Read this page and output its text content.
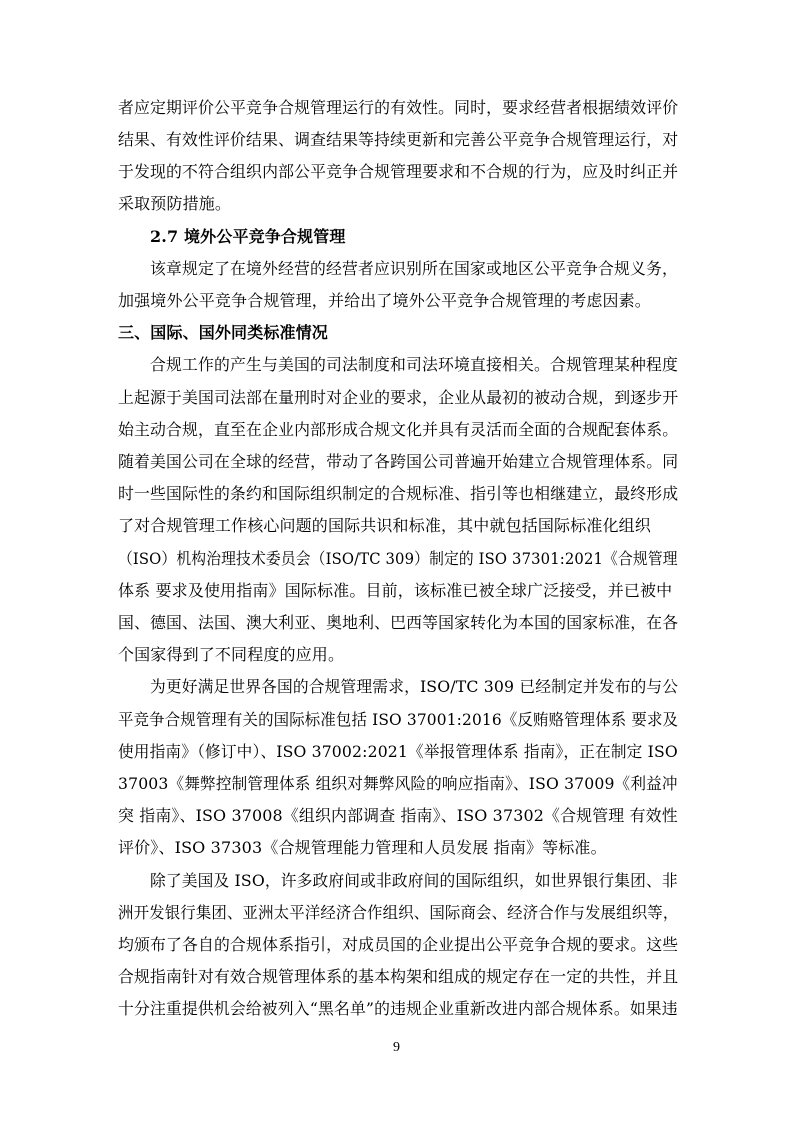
者应定期评价公平竞争合规管理运行的有效性。同时，要求经营者根据绩效评价
结果、有效性评价结果、调查结果等持续更新和完善公平竞争合规管理运行，对
于发现的不符合组织内部公平竞争合规管理要求和不合规的行为，应及时纠正并
采取预防措施。
2.7 境外公平竞争合规管理
该章规定了在境外经营的经营者应识别所在国家或地区公平竞争合规义务，
加强境外公平竞争合规管理，并给出了境外公平竞争合规管理的考虑因素。
三、国际、国外同类标准情况
合规工作的产生与美国的司法制度和司法环境直接相关。合规管理某种程度
上起源于美国司法部在量刑时对企业的要求，企业从最初的被动合规，到逐步开
始主动合规，直至在企业内部形成合规文化并具有灵活而全面的合规配套体系。
随着美国公司在全球的经营，带动了各跨国公司普遍开始建立合规管理体系。同
时一些国际性的条约和国际组织制定的合规标准、指引等也相继建立，最终形成
了对合规管理工作核心问题的国际共识和标准，其中就包括国际标准化组织
（ISO）机构治理技术委员会（ISO/TC 309）制定的 ISO 37301:2021《合规管理
体系 要求及使用指南》国际标准。目前，该标准已被全球广泛接受，并已被中
国、德国、法国、澳大利亚、奥地利、巴西等国家转化为本国的国家标准，在各
个国家得到了不同程度的应用。
为更好满足世界各国的合规管理需求，ISO/TC 309 已经制定并发布的与公
平竞争合规管理有关的国际标准包括 ISO 37001:2016《反贿赂管理体系 要求及
使用指南》（修订中）、ISO 37002:2021《举报管理体系 指南》，正在制定 ISO
37003《舞弊控制管理体系 组织对舞弊风险的响应指南》、ISO 37009《利益冲
突 指南》、ISO 37008《组织内部调查 指南》、ISO 37302《合规管理 有效性
评价》、ISO 37303《合规管理能力管理和人员发展 指南》等标准。
除了美国及 ISO，许多政府间或非政府间的国际组织，如世界银行集团、非
洲开发银行集团、亚洲太平洋经济合作组织、国际商会、经济合作与发展组织等，
均颁布了各自的合规体系指引，对成员国的企业提出公平竞争合规的要求。这些
合规指南针对有效合规管理体系的基本构架和组成的规定存在一定的共性，并且
十分注重提供机会给被列入“黑名单”的违规企业重新改进内部合规体系。如果违
9
